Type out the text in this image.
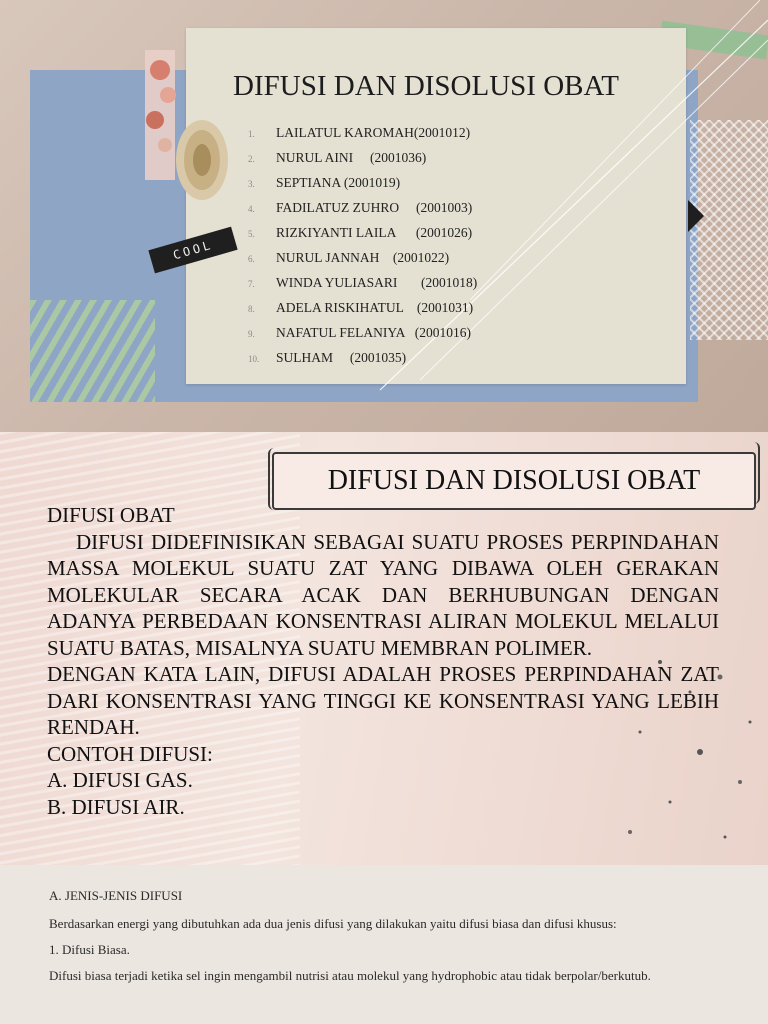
COOL
DIFUSI DAN DISOLUSI OBAT
1. LAILATUL KAROMAH(2001012)
2. NURUL AINI     (2001036)
3. SEPTIANA (2001019)
4. FADILATUZ ZUHRO     (2001003)
5. RIZKIYANTI LAILA      (2001026)
6. NURUL JANNAH    (2001022)
7. WINDA YULIASARI       (2001018)
8. ADELA RISKIHATUL    (2001031)
9. NAFATUL FELANIYA   (2001016)
10. SULHAM     (2001035)
DIFUSI DAN DISOLUSI OBAT

DIFUSI OBAT

DIFUSI DIDEFINISIKAN SEBAGAI SUATU PROSES PERPINDAHAN MASSA MOLEKUL SUATU ZAT YANG DIBAWA OLEH GERAKAN MOLEKULAR SECARA ACAK DAN BERHUBUNGAN DENGAN ADANYA PERBEDAAN KONSENTRASI ALIRAN MOLEKUL MELALUI SUATU BATAS, MISALNYA SUATU MEMBRAN POLIMER.

DENGAN KATA LAIN, DIFUSI ADALAH PROSES PERPINDAHAN ZAT DARI KONSENTRASI YANG TINGGI KE KONSENTRASI YANG LEBIH RENDAH.

CONTOH DIFUSI:

A. DIFUSI GAS.

B. DIFUSI AIR.

A. JENIS-JENIS DIFUSI

Berdasarkan energi yang dibutuhkan ada dua jenis difusi yang dilakukan yaitu difusi biasa dan difusi khusus:

1. Difusi Biasa.

Difusi biasa terjadi ketika sel ingin mengambil nutrisi atau molekul yang hydrophobic atau tidak berpolar/berkutub.
